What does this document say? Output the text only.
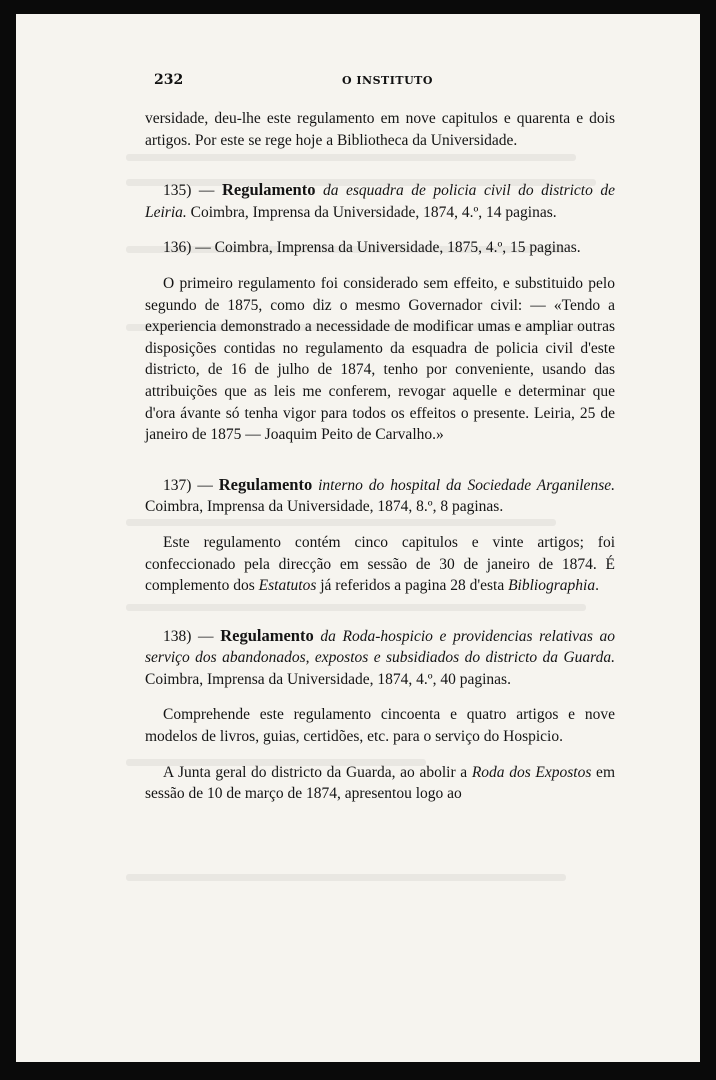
232	O INSTITUTO

versidade, deu-lhe este regulamento em nove capitulos e quarenta e dois artigos. Por este se rege hoje a Bibliotheca da Universidade.

135) — Regulamento da esquadra de policia civil do districto de Leiria. Coimbra, Imprensa da Universidade, 1874, 4.º, 14 paginas.

136) — Coimbra, Imprensa da Universidade, 1875, 4.º, 15 paginas.

O primeiro regulamento foi considerado sem effeito, e substituido pelo segundo de 1875, como diz o mesmo Governador civil: — «Tendo a experiencia demonstrado a necessidade de modificar umas e ampliar outras disposições contidas no regulamento da esquadra de policia civil d'este districto, de 16 de julho de 1874, tenho por conveniente, usando das attribuições que as leis me conferem, revogar aquelle e determinar que d'ora ávante só tenha vigor para todos os effeitos o presente. Leiria, 25 de janeiro de 1875 — Joaquim Peito de Carvalho.»

137) — Regulamento interno do hospital da Sociedade Arganilense. Coimbra, Imprensa da Universidade, 1874, 8.º, 8 paginas.

Este regulamento contém cinco capitulos e vinte artigos; foi confeccionado pela direcção em sessão de 30 de janeiro de 1874. É complemento dos Estatutos já referidos a pagina 28 d'esta Bibliographia.

138) — Regulamento da Roda-hospicio e providencias relativas ao serviço dos abandonados, expostos e subsidiados do districto da Guarda. Coimbra, Imprensa da Universidade, 1874, 4.º, 40 paginas.

Comprehende este regulamento cincoenta e quatro artigos e nove modelos de livros, guias, certidões, etc. para o serviço do Hospicio.

A Junta geral do districto da Guarda, ao abolir a Roda dos Expostos em sessão de 10 de março de 1874, apresentou logo ao
